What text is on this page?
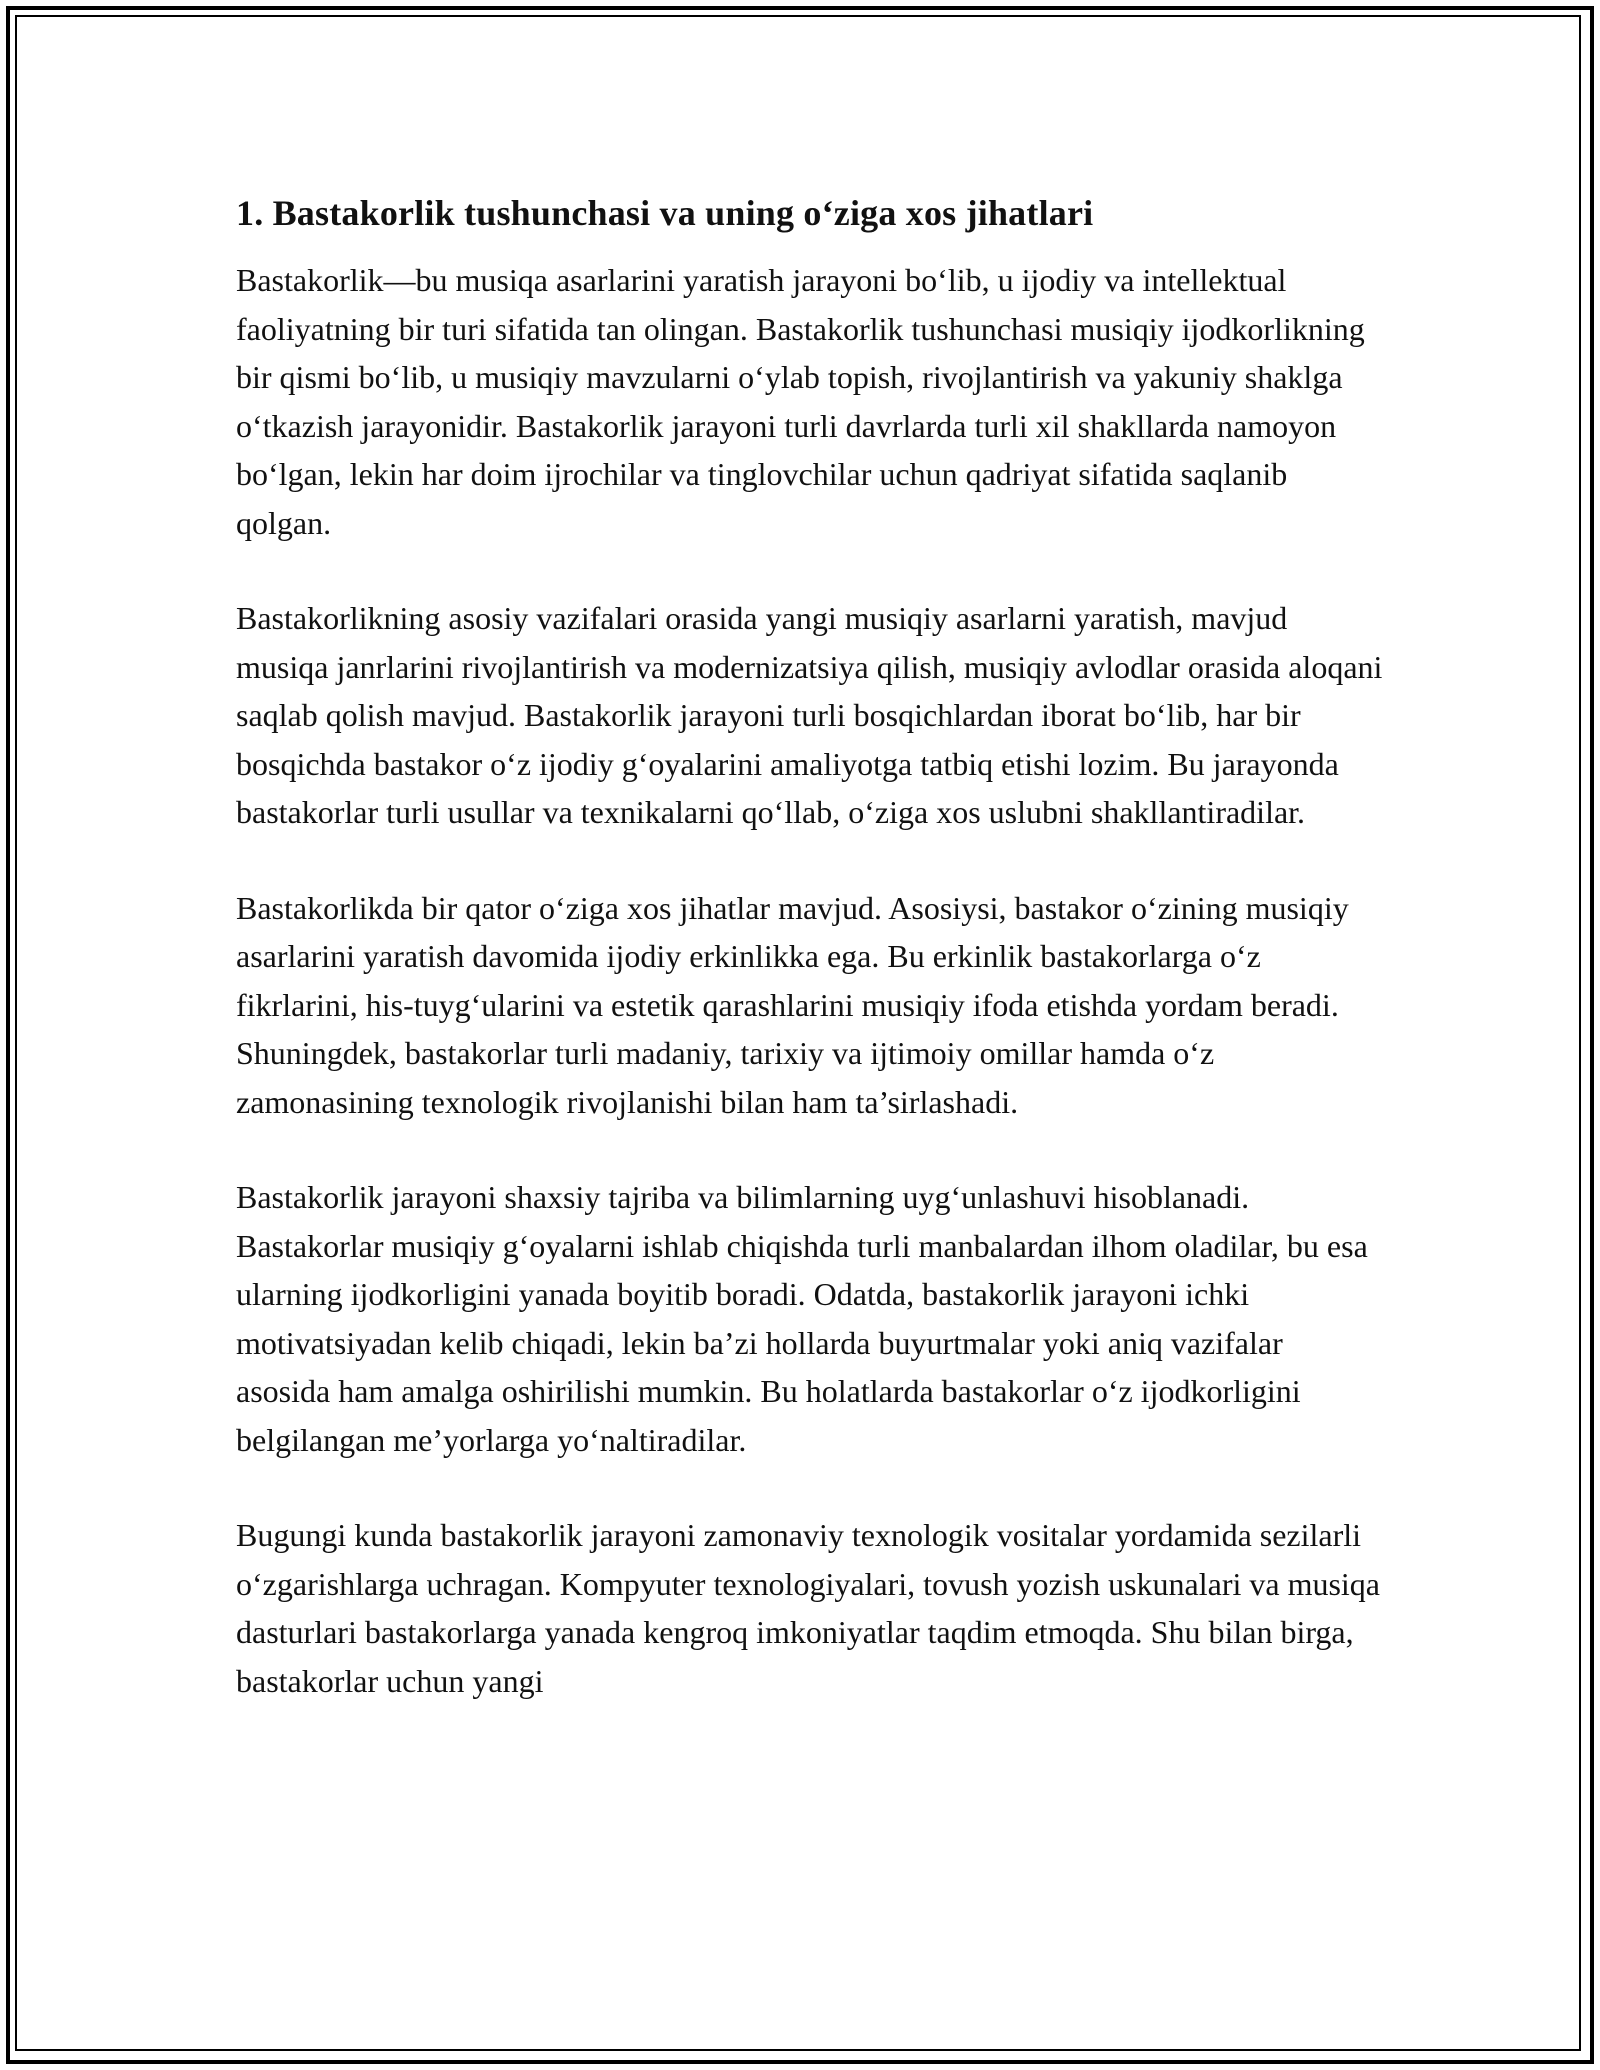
1. Bastakorlik tushunchasi va uning o‘ziga xos jihatlari

Bastakorlik—bu musiqa asarlarini yaratish jarayoni bo‘lib, u ijodiy va intellektual faoliyatning bir turi sifatida tan olingan. Bastakorlik tushunchasi musiqiy ijodkorlikning bir qismi bo‘lib, u musiqiy mavzularni o‘ylab topish, rivojlantirish va yakuniy shaklga o‘tkazish jarayonidir. Bastakorlik jarayoni turli davrlarda turli xil shakllarda namoyon bo‘lgan, lekin har doim ijrochilar va tinglovchilar uchun qadriyat sifatida saqlanib qolgan.

Bastakorlikning asosiy vazifalari orasida yangi musiqiy asarlarni yaratish, mavjud musiqa janrlarini rivojlantirish va modernizatsiya qilish, musiqiy avlodlar orasida aloqani saqlab qolish mavjud. Bastakorlik jarayoni turli bosqichlardan iborat bo‘lib, har bir bosqichda bastakor o‘z ijodiy g‘oyalarini amaliyotga tatbiq etishi lozim. Bu jarayonda bastakorlar turli usullar va texnikalarni qo‘llab, o‘ziga xos uslubni shakllantiradilar.

Bastakorlikda bir qator o‘ziga xos jihatlar mavjud. Asosiysi, bastakor o‘zining musiqiy asarlarini yaratish davomida ijodiy erkinlikka ega. Bu erkinlik bastakorlarga o‘z fikrlarini, his-tuyg‘ularini va estetik qarashlarini musiqiy ifoda etishda yordam beradi. Shuningdek, bastakorlar turli madaniy, tarixiy va ijtimoiy omillar hamda o‘z zamonasining texnologik rivojlanishi bilan ham ta’sirlashadi.

Bastakorlik jarayoni shaxsiy tajriba va bilimlarning uyg‘unlashuvi hisoblanadi. Bastakorlar musiqiy g‘oyalarni ishlab chiqishda turli manbalardan ilhom oladilar, bu esa ularning ijodkorligini yanada boyitib boradi. Odatda, bastakorlik jarayoni ichki motivatsiyadan kelib chiqadi, lekin ba’zi hollarda buyurtmalar yoki aniq vazifalar asosida ham amalga oshirilishi mumkin. Bu holatlarda bastakorlar o‘z ijodkorligini belgilangan me’yorlarga yo‘naltiradilar.

Bugungi kunda bastakorlik jarayoni zamonaviy texnologik vositalar yordamida sezilarli o‘zgarishlarga uchragan. Kompyuter texnologiyalari, tovush yozish uskunalari va musiqa dasturlari bastakorlarga yanada kengroq imkoniyatlar taqdim etmoqda. Shu bilan birga, bastakorlar uchun yangi
